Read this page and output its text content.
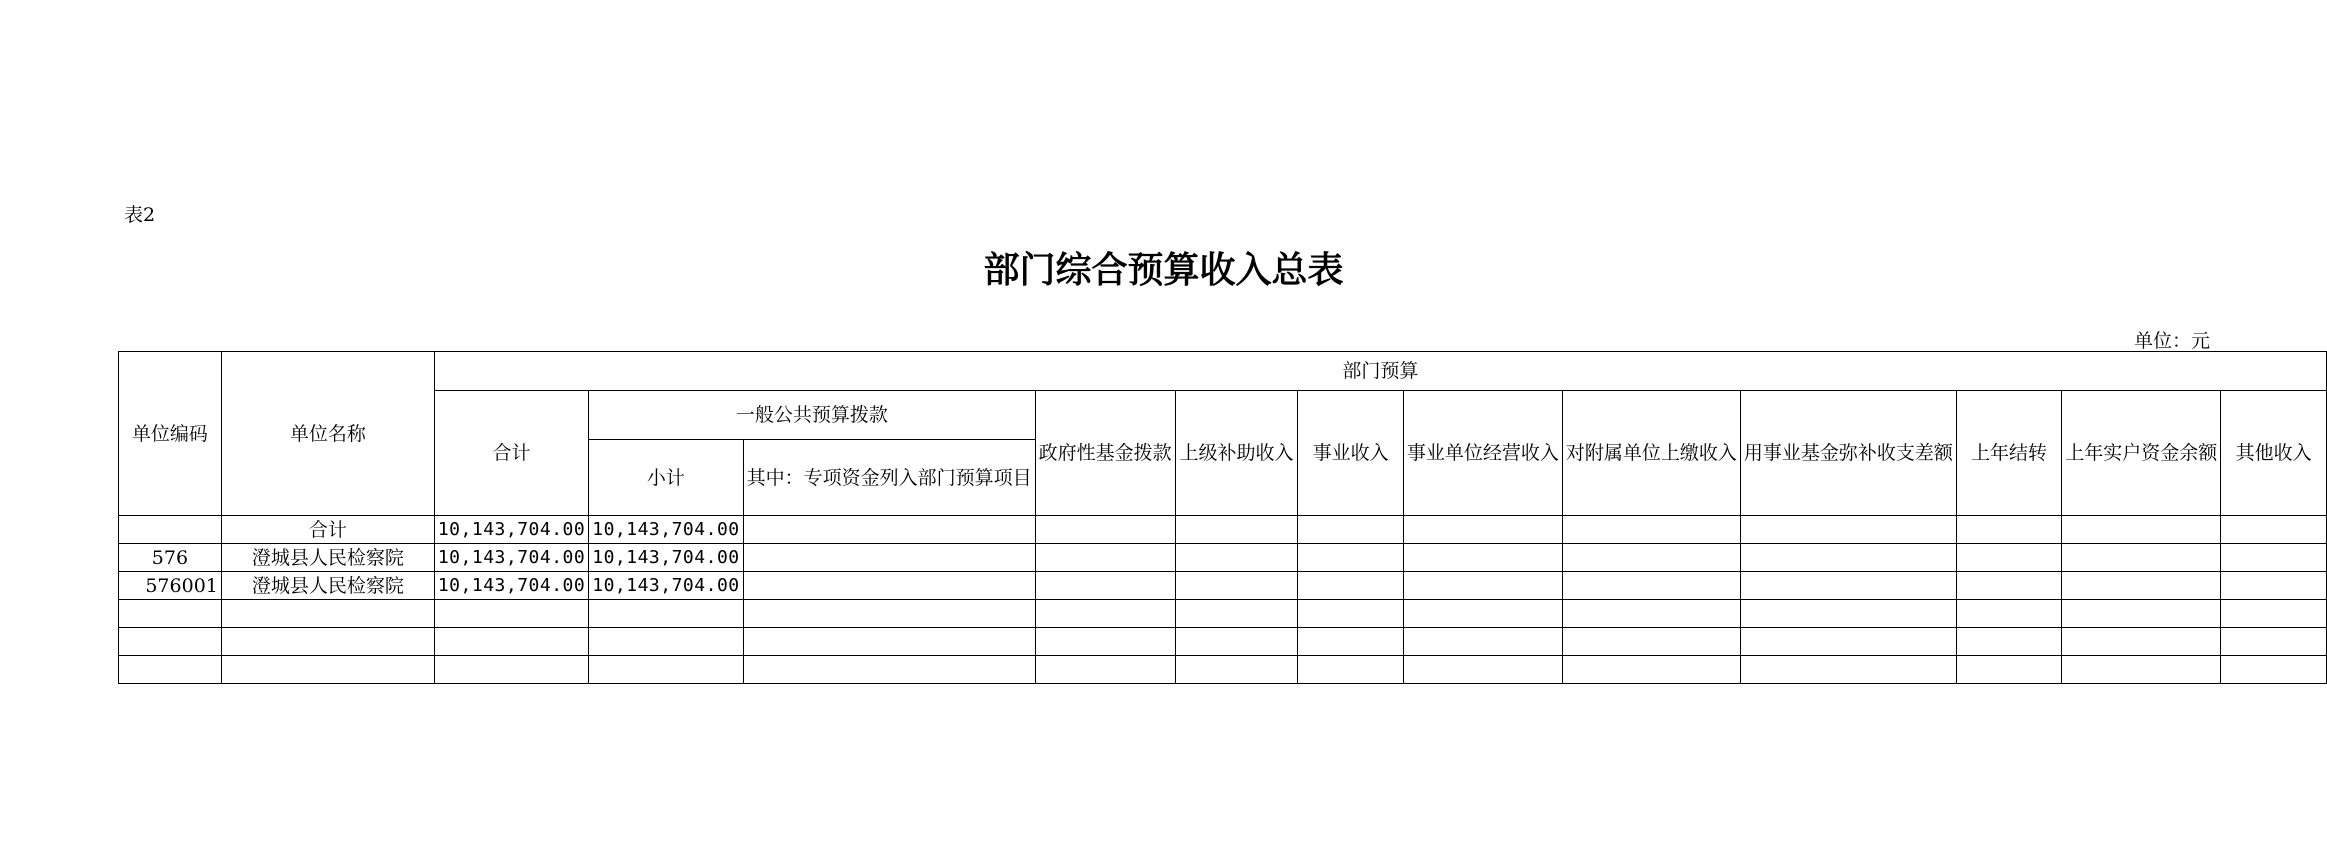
表2
部门综合预算收入总表
单位：元
单位编码	单位名称	部门预算											
		合计	一般公共预算拨款		政府性基金拨款	上级补助收入	事业收入	事业单位经营收入	对附属单位上缴收入	用事业基金弥补收支差额	上年结转	上年实户资金余额	其他收入
			小计	其中：专项资金列入部门预算项目									
	合计	10,143,704.00	10,143,704.00										
576	澄城县人民检察院	10,143,704.00	10,143,704.00										
576001	澄城县人民检察院	10,143,704.00	10,143,704.00										
